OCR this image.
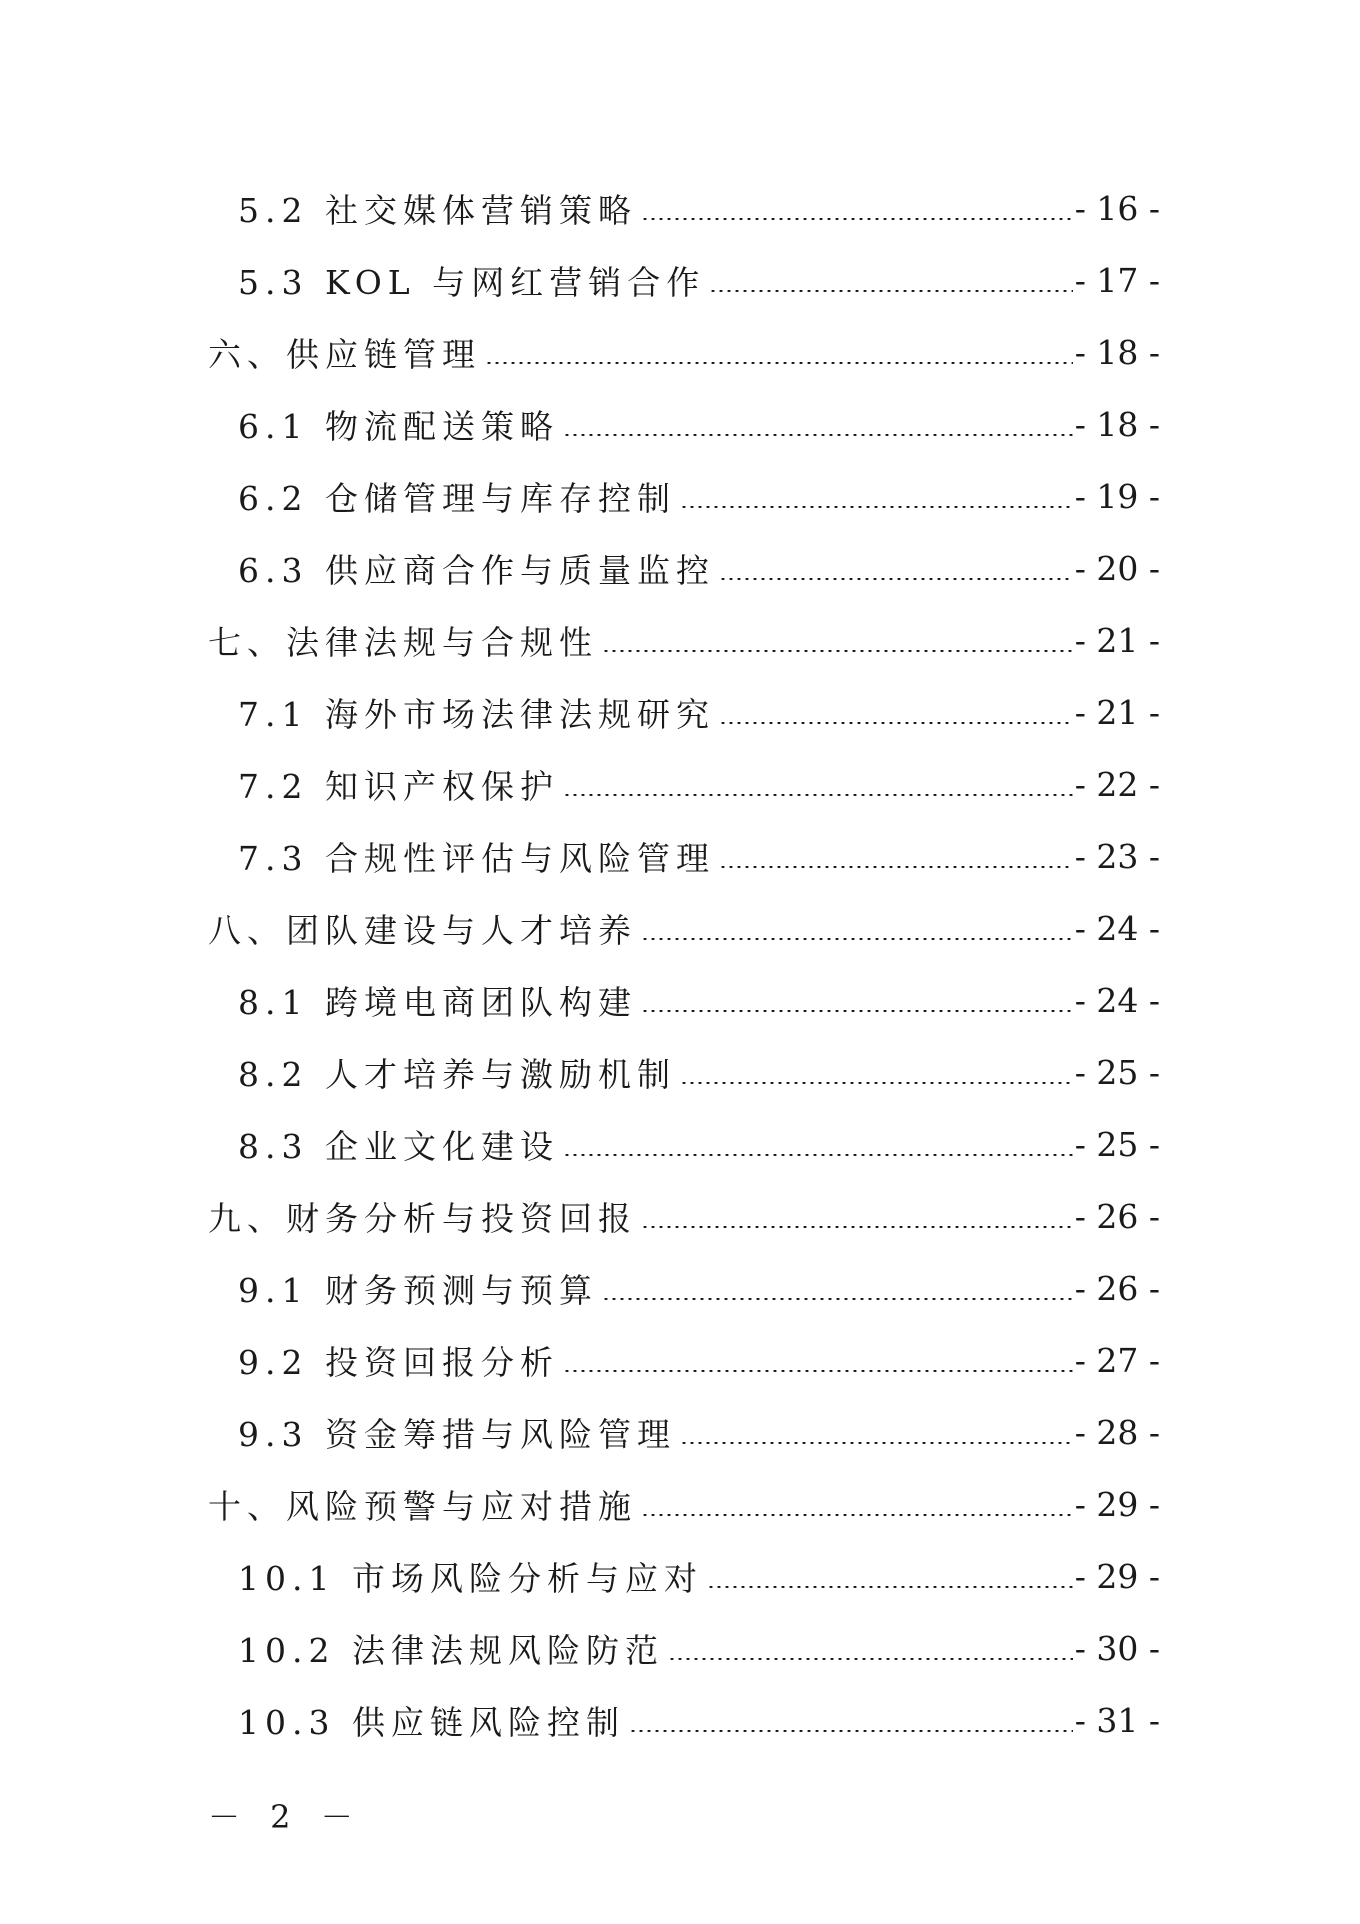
5.2 社交媒体营销策略	- 16 -
5.3 KOL 与网红营销合作	- 17 -
六、供应链管理	- 18 -
6.1 物流配送策略	- 18 -
6.2 仓储管理与库存控制	- 19 -
6.3 供应商合作与质量监控	- 20 -
七、法律法规与合规性	- 21 -
7.1 海外市场法律法规研究	- 21 -
7.2 知识产权保护	- 22 -
7.3 合规性评估与风险管理	- 23 -
八、团队建设与人才培养	- 24 -
8.1 跨境电商团队构建	- 24 -
8.2 人才培养与激励机制	- 25 -
8.3 企业文化建设	- 25 -
九、财务分析与投资回报	- 26 -
9.1 财务预测与预算	- 26 -
9.2 投资回报分析	- 27 -
9.3 资金筹措与风险管理	- 28 -
十、风险预警与应对措施	- 29 -
10.1 市场风险分析与应对	- 29 -
10.2 法律法规风险防范	- 30 -
10.3 供应链风险控制	- 31 -
－ 2 －
